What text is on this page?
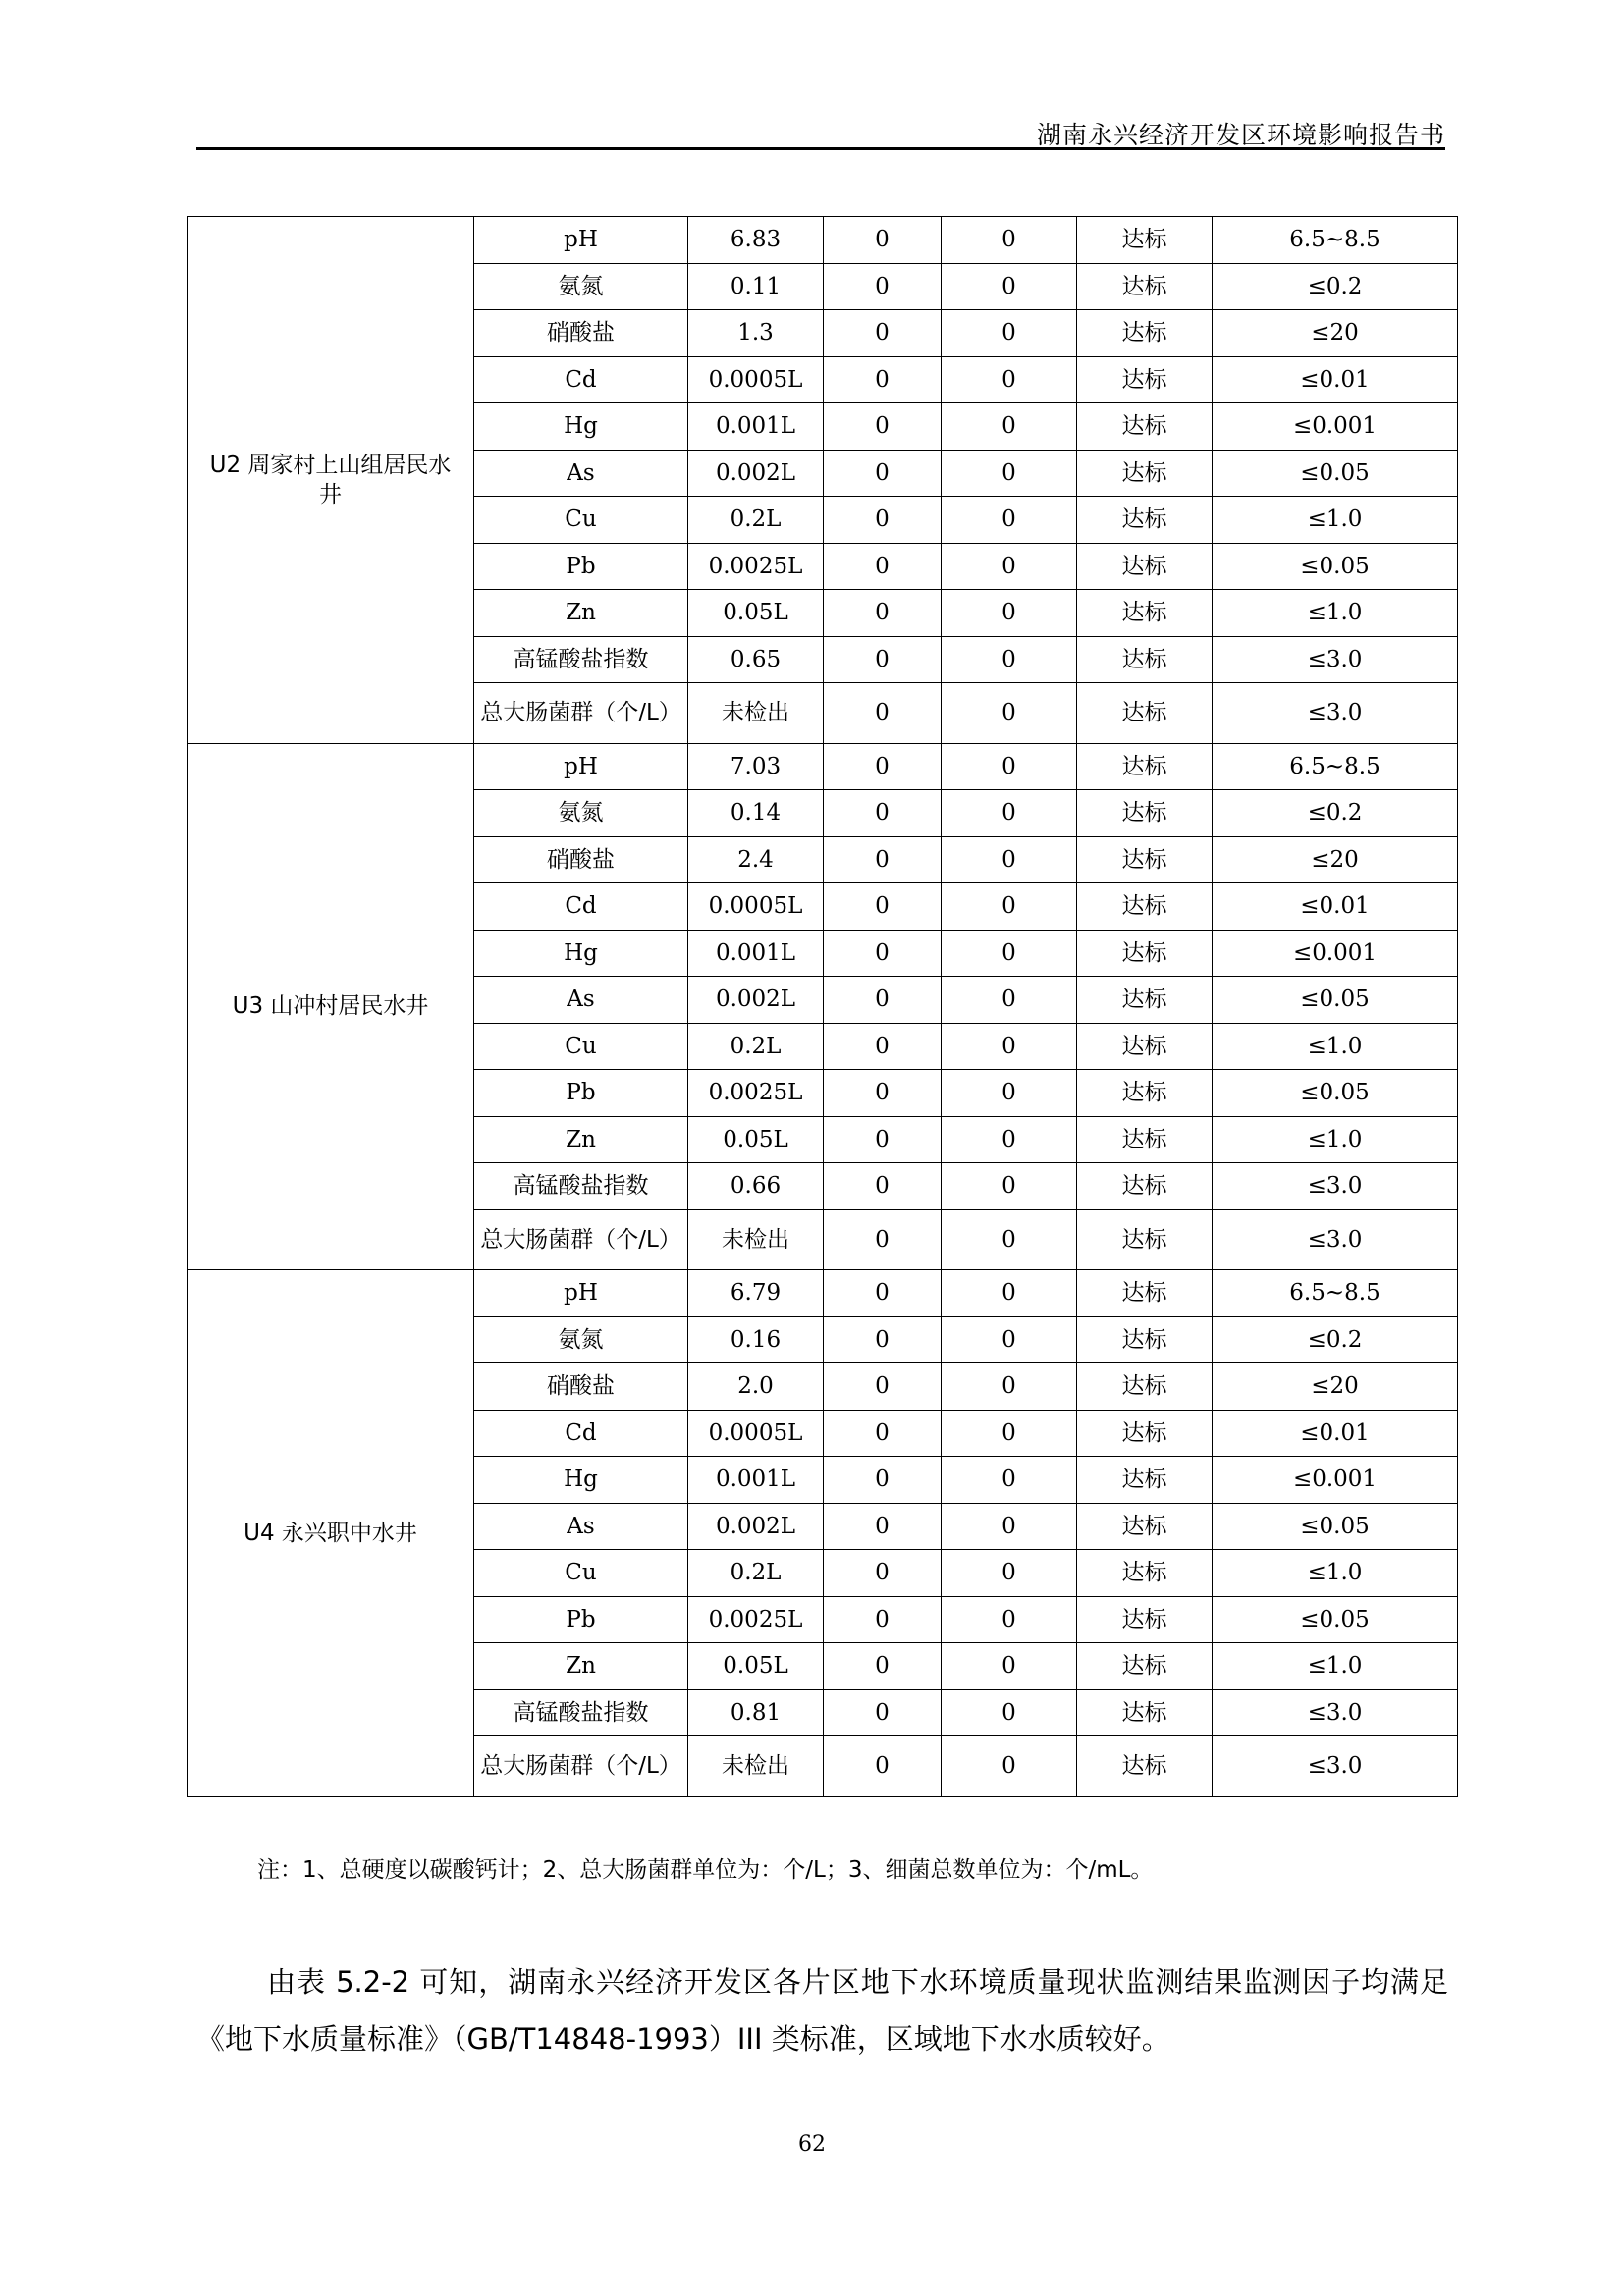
湖南永兴经济开发区环境影响报告书
U2 周家村上山组居民水井	pH	6.83	0	0	达标	6.5~8.5
	氨氮	0.11	0	0	达标	≤0.2
	硝酸盐	1.3	0	0	达标	≤20
	Cd	0.0005L	0	0	达标	≤0.01
	Hg	0.001L	0	0	达标	≤0.001
	As	0.002L	0	0	达标	≤0.05
	Cu	0.2L	0	0	达标	≤1.0
	Pb	0.0025L	0	0	达标	≤0.05
	Zn	0.05L	0	0	达标	≤1.0
	高锰酸盐指数	0.65	0	0	达标	≤3.0
	总大肠菌群（个/L）	未检出	0	0	达标	≤3.0
U3 山冲村居民水井	pH	7.03	0	0	达标	6.5~8.5
	氨氮	0.14	0	0	达标	≤0.2
	硝酸盐	2.4	0	0	达标	≤20
	Cd	0.0005L	0	0	达标	≤0.01
	Hg	0.001L	0	0	达标	≤0.001
	As	0.002L	0	0	达标	≤0.05
	Cu	0.2L	0	0	达标	≤1.0
	Pb	0.0025L	0	0	达标	≤0.05
	Zn	0.05L	0	0	达标	≤1.0
	高锰酸盐指数	0.66	0	0	达标	≤3.0
	总大肠菌群（个/L）	未检出	0	0	达标	≤3.0
U4 永兴职中水井	pH	6.79	0	0	达标	6.5~8.5
	氨氮	0.16	0	0	达标	≤0.2
	硝酸盐	2.0	0	0	达标	≤20
	Cd	0.0005L	0	0	达标	≤0.01
	Hg	0.001L	0	0	达标	≤0.001
	As	0.002L	0	0	达标	≤0.05
	Cu	0.2L	0	0	达标	≤1.0
	Pb	0.0025L	0	0	达标	≤0.05
	Zn	0.05L	0	0	达标	≤1.0
	高锰酸盐指数	0.81	0	0	达标	≤3.0
	总大肠菌群（个/L）	未检出	0	0	达标	≤3.0
注：1、总硬度以碳酸钙计；2、总大肠菌群单位为：个/L；3、细菌总数单位为：个/mL。
由表 5.2-2 可知，湖南永兴经济开发区各片区地下水环境质量现状监测结果监测因子均满足《地下水质量标准》（GB/T14848-1993）III 类标准，区域地下水水质较好。
62
